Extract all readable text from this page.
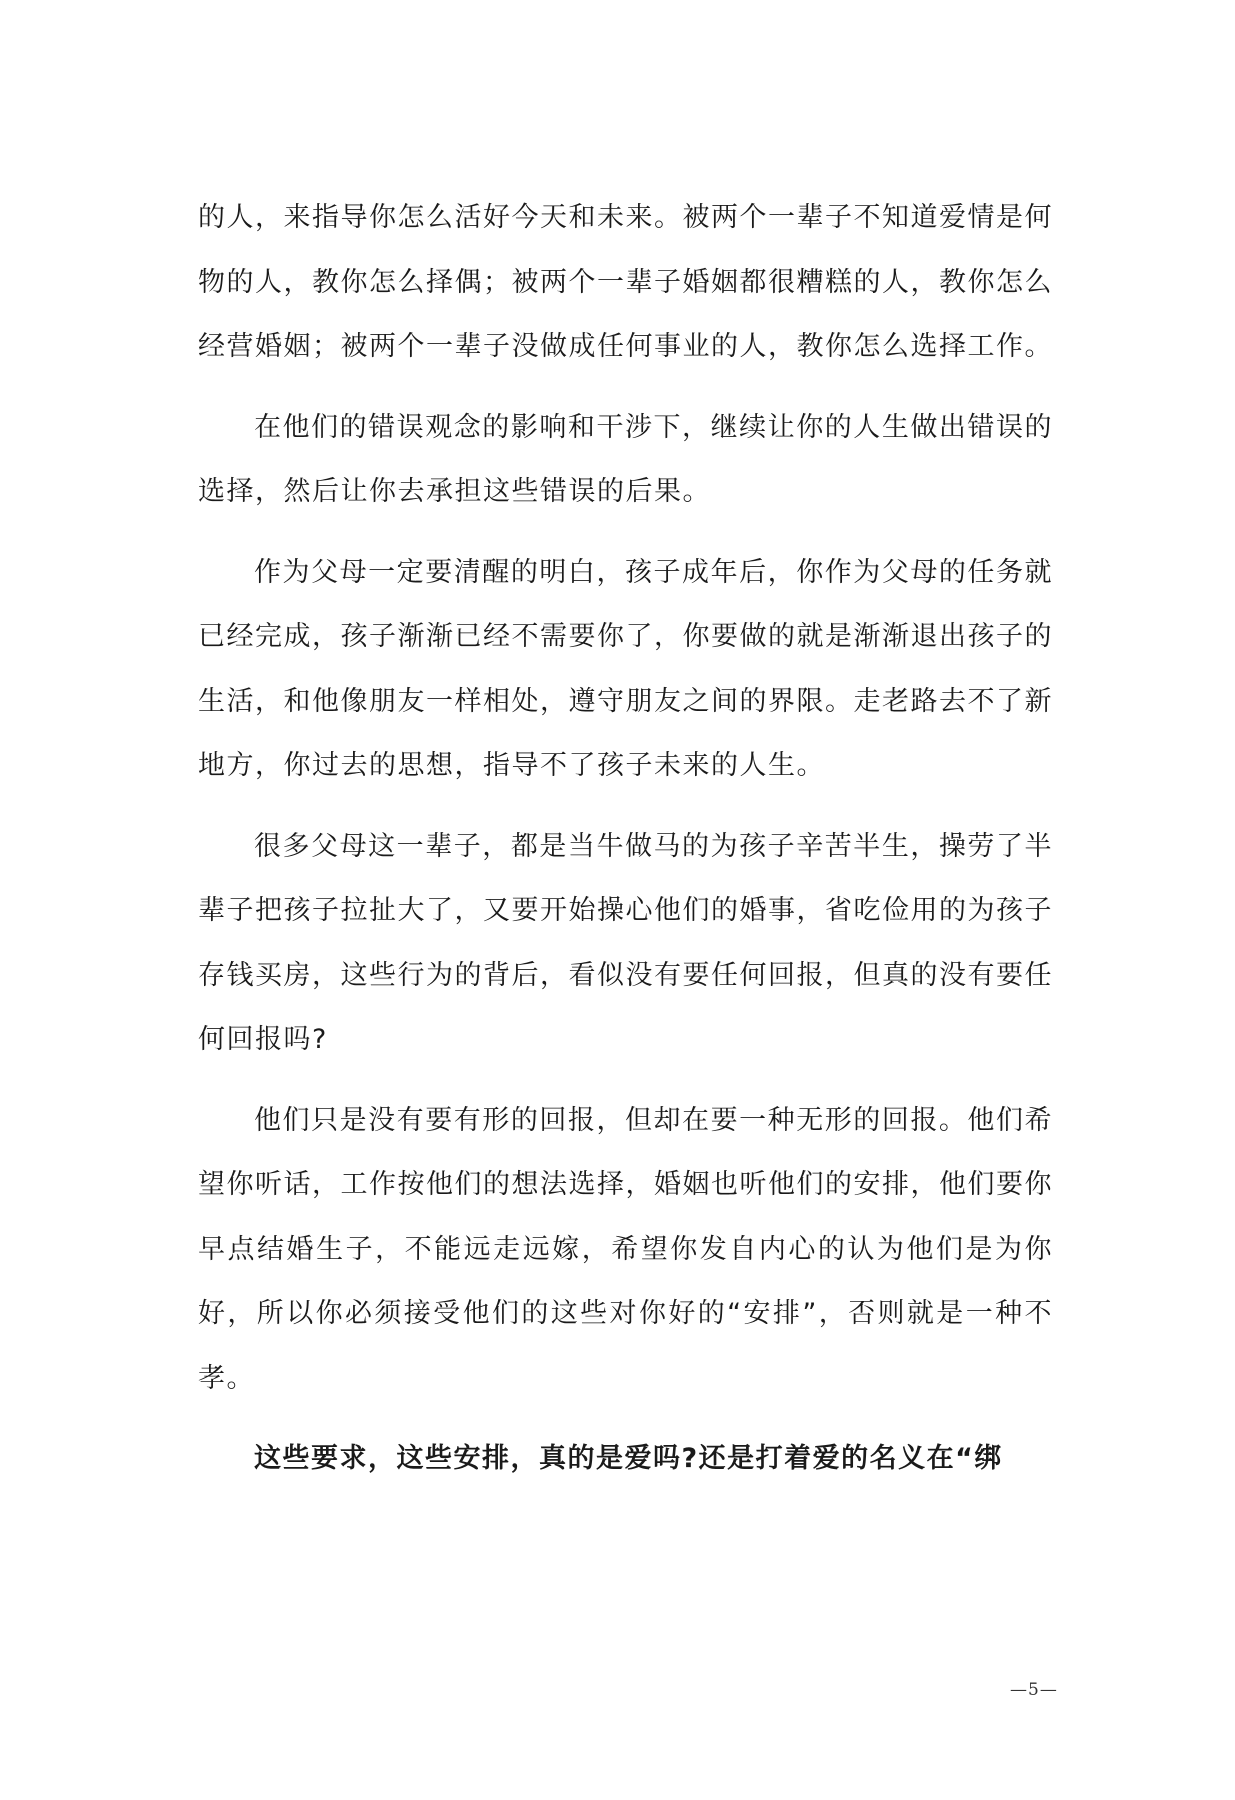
的人，来指导你怎么活好今天和未来。被两个一辈子不知道爱情是何物的人，教你怎么择偶；被两个一辈子婚姻都很糟糕的人，教你怎么经营婚姻；被两个一辈子没做成任何事业的人，教你怎么选择工作。

在他们的错误观念的影响和干涉下，继续让你的人生做出错误的选择，然后让你去承担这些错误的后果。

作为父母一定要清醒的明白，孩子成年后，你作为父母的任务就已经完成，孩子渐渐已经不需要你了，你要做的就是渐渐退出孩子的生活，和他像朋友一样相处，遵守朋友之间的界限。走老路去不了新地方，你过去的思想，指导不了孩子未来的人生。

很多父母这一辈子，都是当牛做马的为孩子辛苦半生，操劳了半辈子把孩子拉扯大了，又要开始操心他们的婚事，省吃俭用的为孩子存钱买房，这些行为的背后，看似没有要任何回报，但真的没有要任何回报吗?

他们只是没有要有形的回报，但却在要一种无形的回报。他们希望你听话，工作按他们的想法选择，婚姻也听他们的安排，他们要你早点结婚生子，不能远走远嫁，希望你发自内心的认为他们是为你好，所以你必须接受他们的这些对你好的“安排”，否则就是一种不孝。

这些要求，这些安排，真的是爱吗?还是打着爱的名义在“绑

—5—
